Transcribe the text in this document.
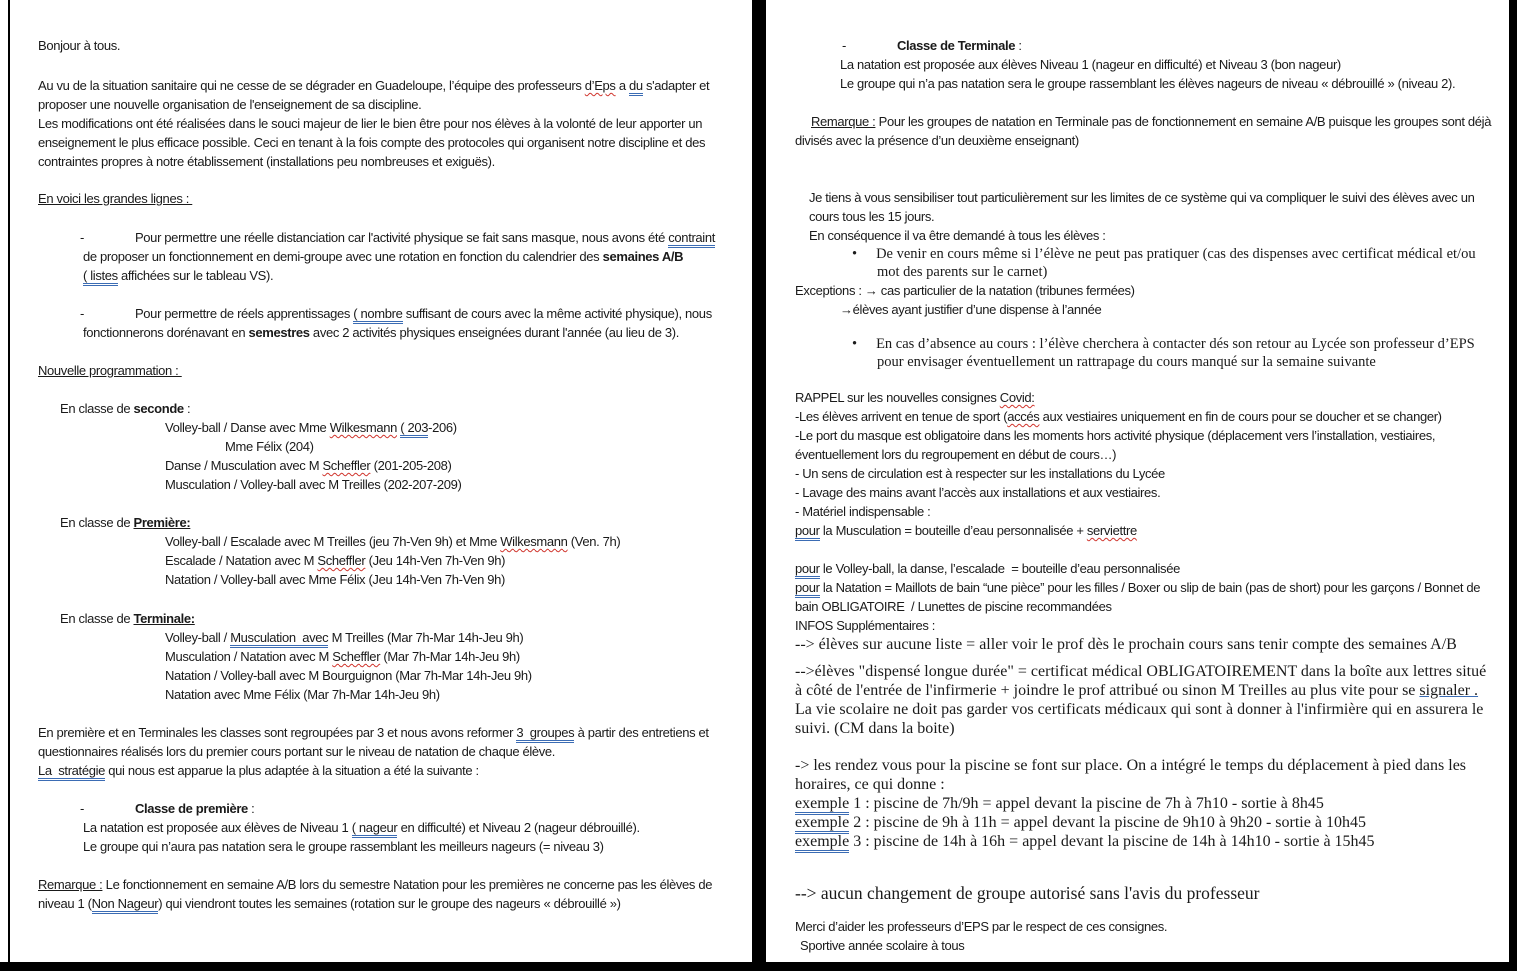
Bonjour à tous.
Au vu de la situation sanitaire qui ne cesse de se dégrader en Guadeloupe, l’équipe des professeurs d’Eps a du s'adapter et proposer une nouvelle organisation de l'enseignement de sa discipline.
Les modifications ont été réalisées dans le souci majeur de lier le bien être pour nos élèves à la volonté de leur apporter un enseignement le plus efficace possible. Ceci en tenant à la fois compte des protocoles qui organisent notre discipline et des contraintes propres à notre établissement (installations peu nombreuses et exiguës).
En voici les grandes lignes :
-	Pour permettre une réelle distanciation car l'activité physique se fait sans masque, nous avons été contraint de proposer un fonctionnement en demi-groupe avec une rotation en fonction du calendrier des semaines A/B
( listes affichées sur le tableau VS).
-	Pour permettre de réels apprentissages ( nombre suffisant de cours avec la même activité physique), nous fonctionnerons dorénavant en semestres avec 2 activités physiques enseignées durant l'année (au lieu de 3).
Nouvelle programmation :
En classe de seconde :
Volley-ball / Danse avec Mme Wilkesmann ( 203-206)
Mme Félix (204)
Danse / Musculation avec M Scheffler (201-205-208)
Musculation / Volley-ball avec M Treilles (202-207-209)
En classe de Première:
Volley-ball / Escalade avec M Treilles (jeu 7h-Ven 9h) et Mme Wilkesmann (Ven. 7h)
Escalade / Natation avec M Scheffler (Jeu 14h-Ven 7h-Ven 9h)
Natation / Volley-ball avec Mme Félix (Jeu 14h-Ven 7h-Ven 9h)
En classe de Terminale:
Volley-ball / Musculation  avec M Treilles (Mar 7h-Mar 14h-Jeu 9h)
Musculation / Natation avec M Scheffler (Mar 7h-Mar 14h-Jeu 9h)
Natation / Volley-ball avec M Bourguignon (Mar 7h-Mar 14h-Jeu 9h)
Natation avec Mme Félix (Mar 7h-Mar 14h-Jeu 9h)
En première et en Terminales les classes sont regroupées par 3 et nous avons reformer 3  groupes à partir des entretiens et questionnaires réalisés lors du premier cours portant sur le niveau de natation de chaque élève.
La  stratégie qui nous est apparue la plus adaptée à la situation a été la suivante :
-	Classe de première :
La natation est proposée aux élèves de Niveau 1 ( nageur en difficulté) et Niveau 2 (nageur débrouillé).
Le groupe qui n’aura pas natation sera le groupe rassemblant les meilleurs nageurs (= niveau 3)
Remarque : Le fonctionnement en semaine A/B lors du semestre Natation pour les premières ne concerne pas les élèves de niveau 1 (Non Nageur) qui viendront toutes les semaines (rotation sur le groupe des nageurs « débrouillé »)
-	Classe de Terminale :
La natation est proposée aux élèves Niveau 1 (nageur en difficulté) et Niveau 3 (bon nageur)
Le groupe qui n’a pas natation sera le groupe rassemblant les élèves nageurs de niveau « débrouillé » (niveau 2).
Remarque : Pour les groupes de natation en Terminale pas de fonctionnement en semaine A/B puisque les groupes sont déjà divisés avec la présence d’un deuxième enseignant)
Je tiens à vous sensibiliser tout particulièrement sur les limites de ce système qui va compliquer le suivi des élèves avec un cours tous les 15 jours.
En conséquence il va être demandé à tous les élèves :
• De venir en cours même si l’élève ne peut pas pratiquer (cas des dispenses avec certificat médical et/ou mot des parents sur le carnet)
Exceptions : → cas particulier de la natation (tribunes fermées)
→élèves ayant justifier d’une dispense à l’année
• En cas d’absence au cours : l’élève cherchera à contacter dés son retour au Lycée son professeur d’EPS pour envisager éventuellement un rattrapage du cours manqué sur la semaine suivante
RAPPEL sur les nouvelles consignes Covid:
-Les élèves arrivent en tenue de sport (accés aux vestiaires uniquement en fin de cours pour se doucher et se changer)
-Le port du masque est obligatoire dans les moments hors activité physique (déplacement vers l’installation, vestiaires, éventuellement lors du regroupement en début de cours…)
- Un sens de circulation est à respecter sur les installations du Lycée
- Lavage des mains avant l’accès aux installations et aux vestiaires.
- Matériel indispensable :
pour la Musculation = bouteille d’eau personnalisée + serviettre
pour le Volley-ball, la danse, l’escalade  = bouteille d’eau personnalisée
pour la Natation = Maillots de bain “une pièce” pour les filles / Boxer ou slip de bain (pas de short) pour les garçons / Bonnet de bain OBLIGATOIRE  / Lunettes de piscine recommandées
INFOS Supplémentaires :
--> élèves sur aucune liste = aller voir le prof dès le prochain cours sans tenir compte des semaines A/B
-->élèves "dispensé longue durée" = certificat médical OBLIGATOIREMENT dans la boîte aux lettres situé à côté de l'entrée de l'infirmerie + joindre le prof attribué ou sinon M Treilles au plus vite pour se signaler . La vie scolaire ne doit pas garder vos certificats médicaux qui sont à donner à l'infirmière qui en assurera le suivi. (CM dans la boite)
-> les rendez vous pour la piscine se font sur place. On a intégré le temps du déplacement à pied dans les horaires, ce qui donne :
exemple 1 : piscine de 7h/9h = appel devant la piscine de 7h à 7h10 - sortie à 8h45
exemple 2 : piscine de 9h à 11h = appel devant la piscine de 9h10 à 9h20 - sortie à 10h45
exemple 3 : piscine de 14h à 16h = appel devant la piscine de 14h à 14h10 - sortie à 15h45
--> aucun changement de groupe autorisé sans l'avis du professeur
Merci d’aider les professeurs d’EPS par le respect de ces consignes.
Sportive année scolaire à tous
